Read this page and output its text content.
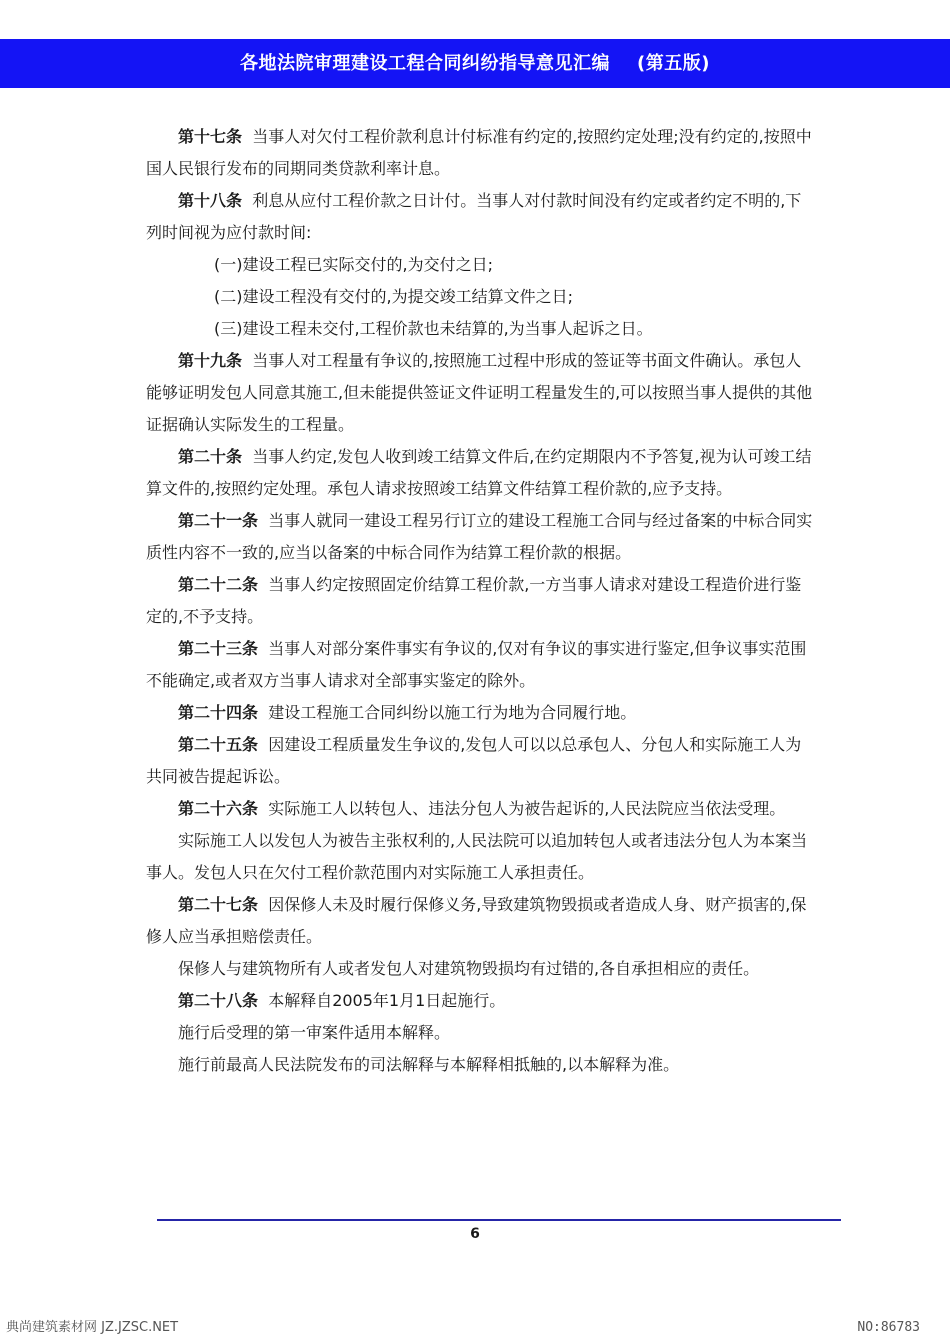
各地法院审理建设工程合同纠纷指导意见汇编    (第五版)

第十七条  当事人对欠付工程价款利息计付标准有约定的,按照约定处理;没有约定的,按照中国人民银行发布的同期同类贷款利率计息。

第十八条  利息从应付工程价款之日计付。当事人对付款时间没有约定或者约定不明的,下列时间视为应付款时间:

(一)建设工程已实际交付的,为交付之日;

(二)建设工程没有交付的,为提交竣工结算文件之日;

(三)建设工程未交付,工程价款也未结算的,为当事人起诉之日。

第十九条  当事人对工程量有争议的,按照施工过程中形成的签证等书面文件确认。承包人能够证明发包人同意其施工,但未能提供签证文件证明工程量发生的,可以按照当事人提供的其他证据确认实际发生的工程量。

第二十条  当事人约定,发包人收到竣工结算文件后,在约定期限内不予答复,视为认可竣工结算文件的,按照约定处理。承包人请求按照竣工结算文件结算工程价款的,应予支持。

第二十一条  当事人就同一建设工程另行订立的建设工程施工合同与经过备案的中标合同实质性内容不一致的,应当以备案的中标合同作为结算工程价款的根据。

第二十二条  当事人约定按照固定价结算工程价款,一方当事人请求对建设工程造价进行鉴定的,不予支持。

第二十三条  当事人对部分案件事实有争议的,仅对有争议的事实进行鉴定,但争议事实范围不能确定,或者双方当事人请求对全部事实鉴定的除外。

第二十四条  建设工程施工合同纠纷以施工行为地为合同履行地。

第二十五条  因建设工程质量发生争议的,发包人可以以总承包人、分包人和实际施工人为共同被告提起诉讼。

第二十六条  实际施工人以转包人、违法分包人为被告起诉的,人民法院应当依法受理。

实际施工人以发包人为被告主张权利的,人民法院可以追加转包人或者违法分包人为本案当事人。发包人只在欠付工程价款范围内对实际施工人承担责任。

第二十七条  因保修人未及时履行保修义务,导致建筑物毁损或者造成人身、财产损害的,保修人应当承担赔偿责任。

保修人与建筑物所有人或者发包人对建筑物毁损均有过错的,各自承担相应的责任。

第二十八条  本解释自2005年1月1日起施行。

施行后受理的第一审案件适用本解释。

施行前最高人民法院发布的司法解释与本解释相抵触的,以本解释为准。

6
典尚建筑素材网 JZ.JZSC.NET	NO:86783
